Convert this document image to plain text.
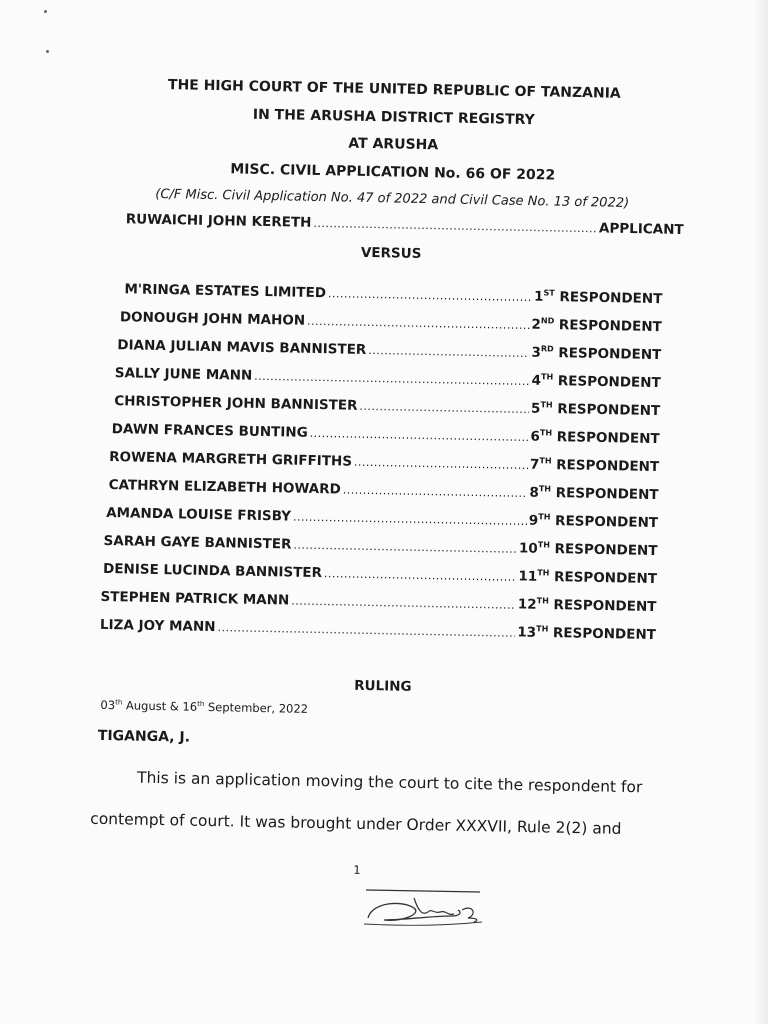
THE HIGH COURT OF THE UNITED REPUBLIC OF TANZANIA
IN THE ARUSHA DISTRICT REGISTRY
AT ARUSHA
MISC. CIVIL APPLICATION No. 66 OF 2022
(C/F Misc. Civil Application No. 47 of 2022 and Civil Case No. 13 of 2022)
RUWAICHI JOHN KERETH .....	APPLICANT
VERSUS
M'RINGA ESTATES LIMITED .....	1ST RESPONDENT
DONOUGH JOHN MAHON .....	2ND RESPONDENT
DIANA JULIAN MAVIS BANNISTER .....	3RD RESPONDENT
SALLY JUNE MANN .....	4TH RESPONDENT
CHRISTOPHER JOHN BANNISTER .....	5TH RESPONDENT
DAWN FRANCES BUNTING .....	6TH RESPONDENT
ROWENA MARGRETH GRIFFITHS .....	7TH RESPONDENT
CATHRYN ELIZABETH HOWARD .....	8TH RESPONDENT
AMANDA LOUISE FRISBY .....	9TH RESPONDENT
SARAH GAYE BANNISTER .....	10TH RESPONDENT
DENISE LUCINDA BANNISTER .....	11TH RESPONDENT
STEPHEN PATRICK MANN .....	12TH RESPONDENT
LIZA JOY MANN .....	13TH RESPONDENT
RULING
03th August & 16th September, 2022
TIGANGA, J.
This is an application moving the court to cite the respondent for
contempt of court. It was brought under Order XXXVII, Rule 2(2) and
1
